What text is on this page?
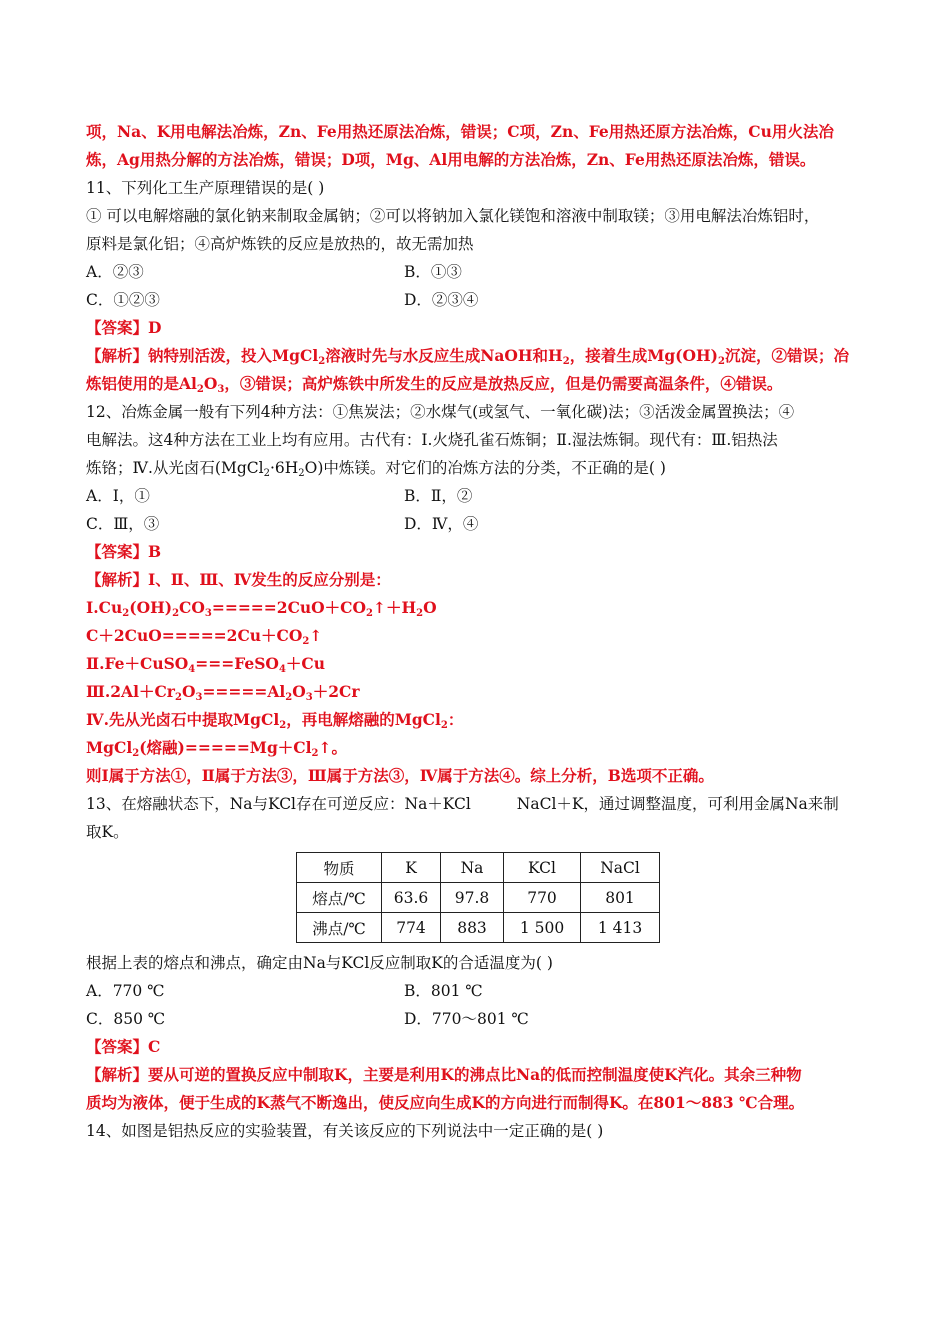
项，Na、K用电解法冶炼，Zn、Fe用热还原法冶炼，错误；C项，Zn、Fe用热还原方法冶炼，Cu用火法冶

炼，Ag用热分解的方法冶炼，错误；D项，Mg、Al用电解的方法冶炼，Zn、Fe用热还原法冶炼，错误。

11、下列化工生产原理错误的是( )

① 可以电解熔融的氯化钠来制取金属钠；②可以将钠加入氯化镁饱和溶液中制取镁；③用电解法冶炼铝时，

原料是氯化铝；④高炉炼铁的反应是放热的，故无需加热

A．②③	B．①③
C．①②③	D．②③④

【答案】D

【解析】钠特别活泼，投入MgCl$_2$溶液时先与水反应生成NaOH和$H_2$，接着生成$Mg(OH)_2$沉淀，②错误；冶

炼铝使用的是$Al_2O_3$，③错误；高炉炼铁中所发生的反应是放热反应，但是仍需要高温条件，④错误。

12、冶炼金属一般有下列4种方法：①焦炭法；②水煤气(或氢气、一氧化碳)法；③活泼金属置换法；④

电解法。这4种方法在工业上均有应用。古代有：Ⅰ.火烧孔雀石炼铜；Ⅱ.湿法炼铜。现代有：Ⅲ.铝热法

炼铬；Ⅳ.从光卤石$(MgCl_2\cdot 6H_2O)$中炼镁。对它们的冶炼方法的分类，不正确的是( )

A．Ⅰ，①	B．Ⅱ，②
C．Ⅲ，③	D．Ⅳ，④

【答案】B

【解析】Ⅰ、Ⅱ、Ⅲ、Ⅳ发生的反应分别是：

$Ⅰ.Cu_2(OH)_2CO_3=====2CuO+CO_2↑+H_2O$

$C+2CuO=====2Cu+CO_2↑$

Ⅱ.Fe＋CuSO$_4$===FeSO$_4$＋Cu

$Ⅲ.2Al+Cr_2O_3=====Al_2O_3+2Cr$

Ⅳ.先从光卤石中提取MgCl$_2$，再电解熔融的MgCl$_2$：

MgCl$_2$(熔融)$=====Mg+Cl_2↑$。

则Ⅰ属于方法①，Ⅱ属于方法③，Ⅲ属于方法③，Ⅳ属于方法④。综上分析，B选项不正确。

13、在熔融状态下，Na与KCl存在可逆反应：Na＋KCl	NaCl＋K，通过调整温度，可利用金属Na来制

取K。

物质	K	Na	KCl	NaCl
熔点/℃	63.6	97.8	770	801
沸点/℃	774	883	1 500	1 413

根据上表的熔点和沸点，确定由Na与KCl反应制取K的合适温度为( )

A．770 ℃	B．801 ℃
C．850 ℃	D．770～801 ℃

【答案】C

【解析】要从可逆的置换反应中制取K，主要是利用K的沸点比Na的低而控制温度使K汽化。其余三种物

质均为液体，便于生成的K蒸气不断逸出，使反应向生成K的方向进行而制得K。在801～883 ℃合理。

14、如图是铝热反应的实验装置，有关该反应的下列说法中一定正确的是( )
